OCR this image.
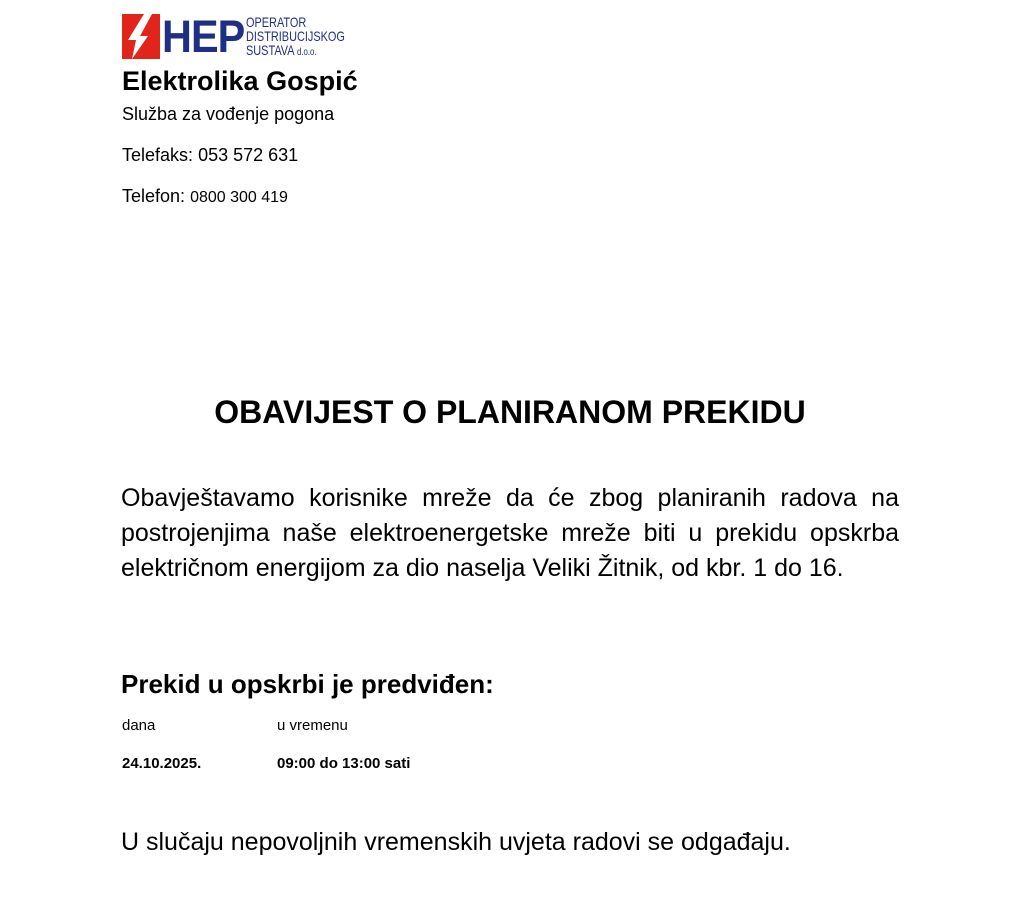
HEP OPERATOR
DISTRIBUCIJSKOG
SUSTAVA d.o.o.
Elektrolika Gospić

Služba za vođenje pogona

Telefaks: 053 572 631

Telefon: 0800 300 419

OBAVIJEST O PLANIRANOM PREKIDU

Obavještavamo korisnike mreže da će zbog planiranih radova na postrojenjima naše elektroenergetske mreže biti u prekidu opskrba električnom energijom za dio naselja Veliki Žitnik, od kbr. 1 do 16.

Prekid u opskrbi je predviđen:
dana	u vremenu
24.10.2025.	09:00 do 13:00 sati

U slučaju nepovoljnih vremenskih uvjeta radovi se odgađaju.
